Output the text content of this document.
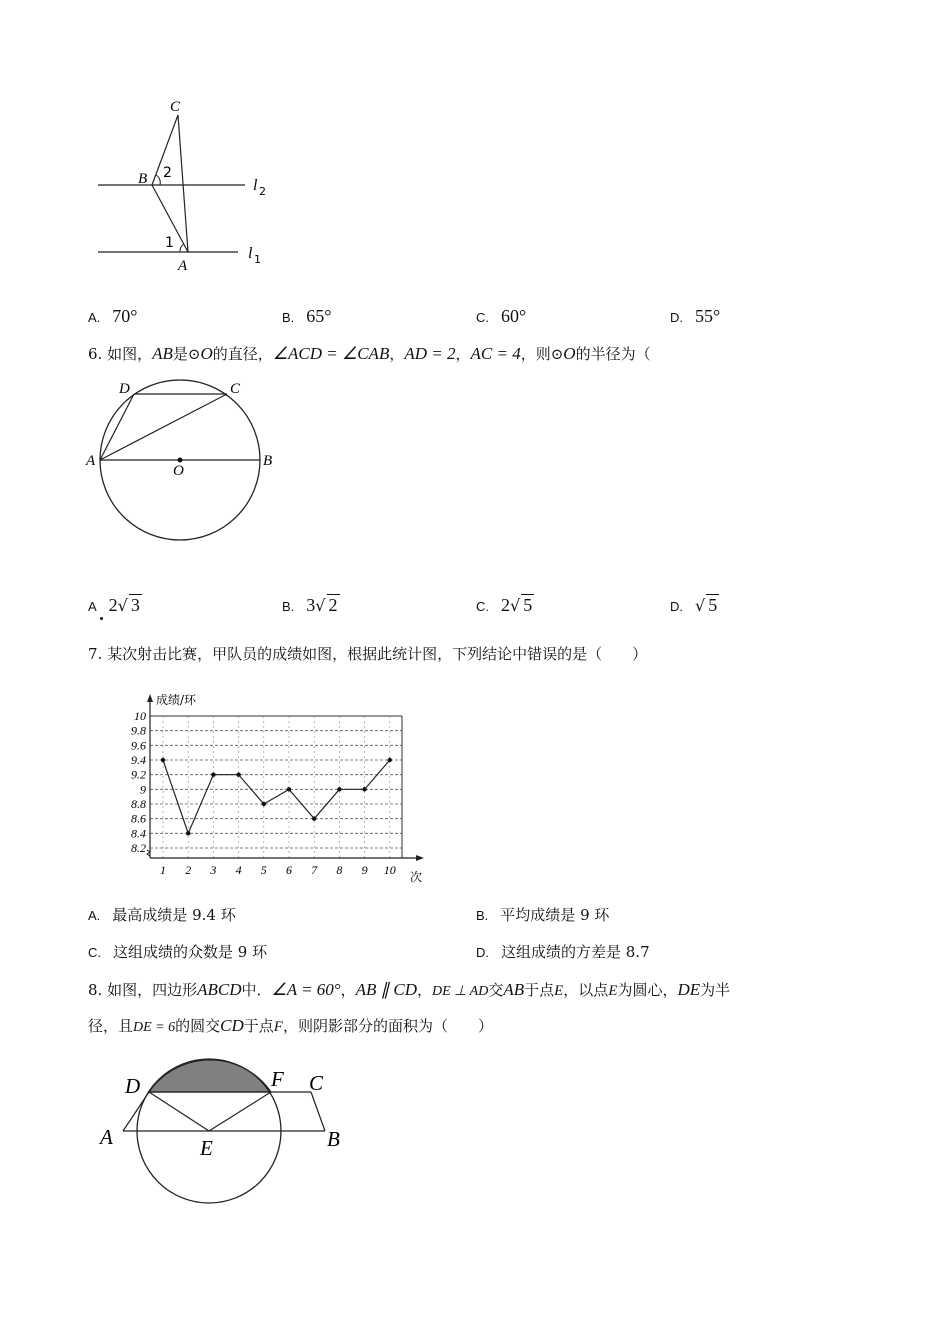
C
B 2
1
A
l 2
l 1
A. 70°	B. 65°	C. 60°	D. 55°
6. 如图，AB是⊙O的直径，∠ACD = ∠CAB，AD = 2，AC = 4，则⊙O的半径为（
D	C
A	B
O
A 2√ 3	B. 3√ 2	C. 2√ 5	D. √ 5
7. 某次射击比赛，甲队员的成绩如图，根据此统计图，下列结论中错误的是（　　）
10
9.8
9.6
9.4
9.2
9
8.8
8.6
8.4
8.2
1 2 3 4 5 6 7 8 9 10
成绩/环
次
A. 最高成绩是 9.4 环	B. 平均成绩是 9 环
C. 这组成绩的众数是 9 环	D. 这组成绩的方差是 8.7
8. 如图，四边形ABCD中．∠A = 60°，AB ∥ CD，DE ⊥ AD交AB于点E，以点E为圆心，DE为半
径，且DE = 6的圆交CD于点F，则阴影部分的面积为（　　）
D	F C
A	E	B
